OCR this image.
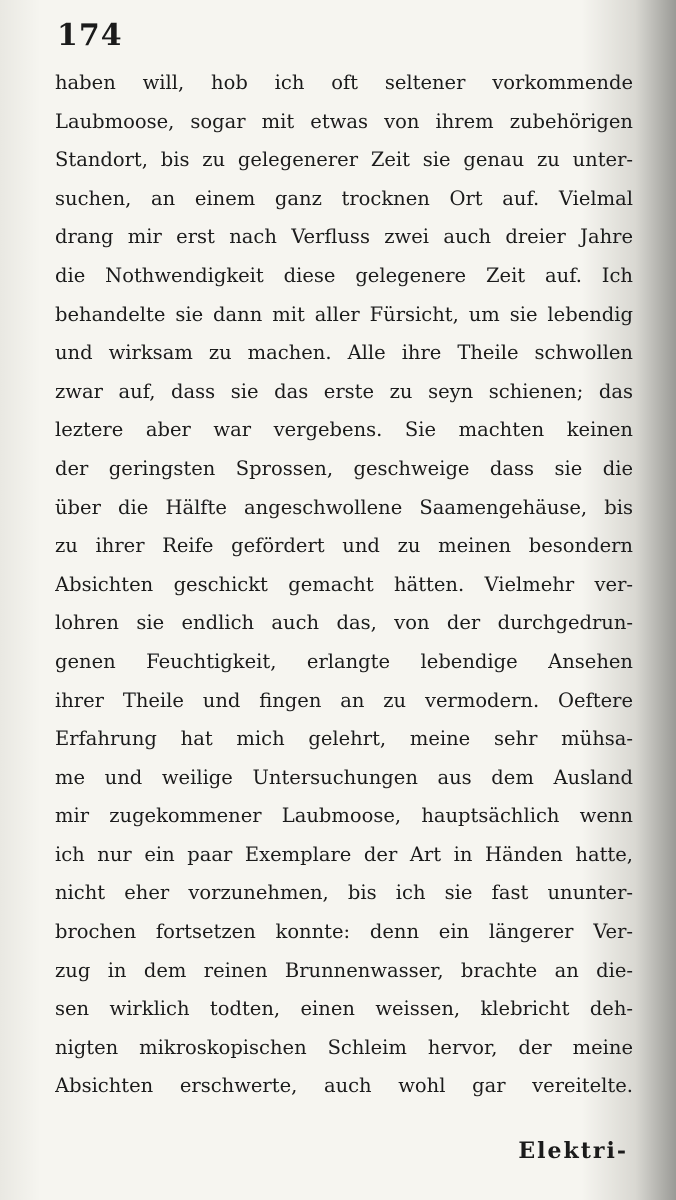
174
haben will, hob ich oft seltener vorkommende
Laubmoose, sogar mit etwas von ihrem zubehörigen
Standort, bis zu gelegenerer Zeit sie genau zu unter-
suchen, an einem ganz trocknen Ort auf. Vielmal
drang mir erst nach Verfluss zwei auch dreier Jahre
die Nothwendigkeit diese gelegenere Zeit auf. Ich
behandelte sie dann mit aller Fürsicht, um sie lebendig
und wirksam zu machen. Alle ihre Theile schwollen
zwar auf, dass sie das erste zu seyn schienen; das
leztere aber war vergebens. Sie machten keinen
der geringsten Sprossen, geschweige dass sie die
über die Hälfte angeschwollene Saamengehäuse, bis
zu ihrer Reife gefördert und zu meinen besondern
Absichten geschickt gemacht hätten. Vielmehr ver-
lohren sie endlich auch das, von der durchgedrun-
genen Feuchtigkeit, erlangte lebendige Ansehen
ihrer Theile und fingen an zu vermodern. Oeftere
Erfahrung hat mich gelehrt, meine sehr mühsa-
me und weilige Untersuchungen aus dem Ausland
mir zugekommener Laubmoose, hauptsächlich wenn
ich nur ein paar Exemplare der Art in Händen hatte,
nicht eher vorzunehmen, bis ich sie fast ununter-
brochen fortsetzen konnte: denn ein längerer Ver-
zug in dem reinen Brunnenwasser, brachte an die-
sen wirklich todten, einen weissen, klebricht deh-
nigten mikroskopischen Schleim hervor, der meine
Absichten erschwerte, auch wohl gar vereitelte.
Elektri-
